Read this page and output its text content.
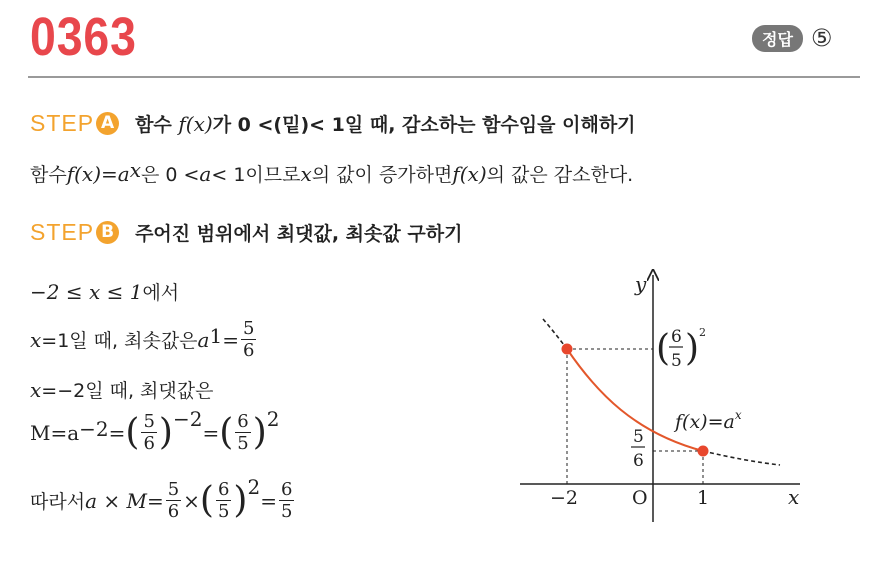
0363	정답 ⑤
STEP A 함수 f(x)가 0 <(밑)< 1일 때, 감소하는 함수임을 이해하기
함수 $f(x)=a^x$ 은 0 < a < 1이므로 x 의 값이 증가하면 f(x) 의 값은 감소한다.
STEP B 주어진 범위에서 최댓값, 최솟값 구하기
−2 ≤ x ≤ 1 에서
x =1일 때, 최솟값은 $a^1 = \frac{5}{6}$
x =−2일 때, 최댓값은
$M=a^{-2}$ = ( $\frac{5}{6} )^{-2}$
= ( $\frac{6}{5} )^2$
따라서 $a \times M= \frac{5}{6}$ × ( $\frac{6}{5} )^2$
= $\frac{6}{5}$
y
x
O
−2	1
( 6
5 ) 2
5
6
$f(x)=a^x$
